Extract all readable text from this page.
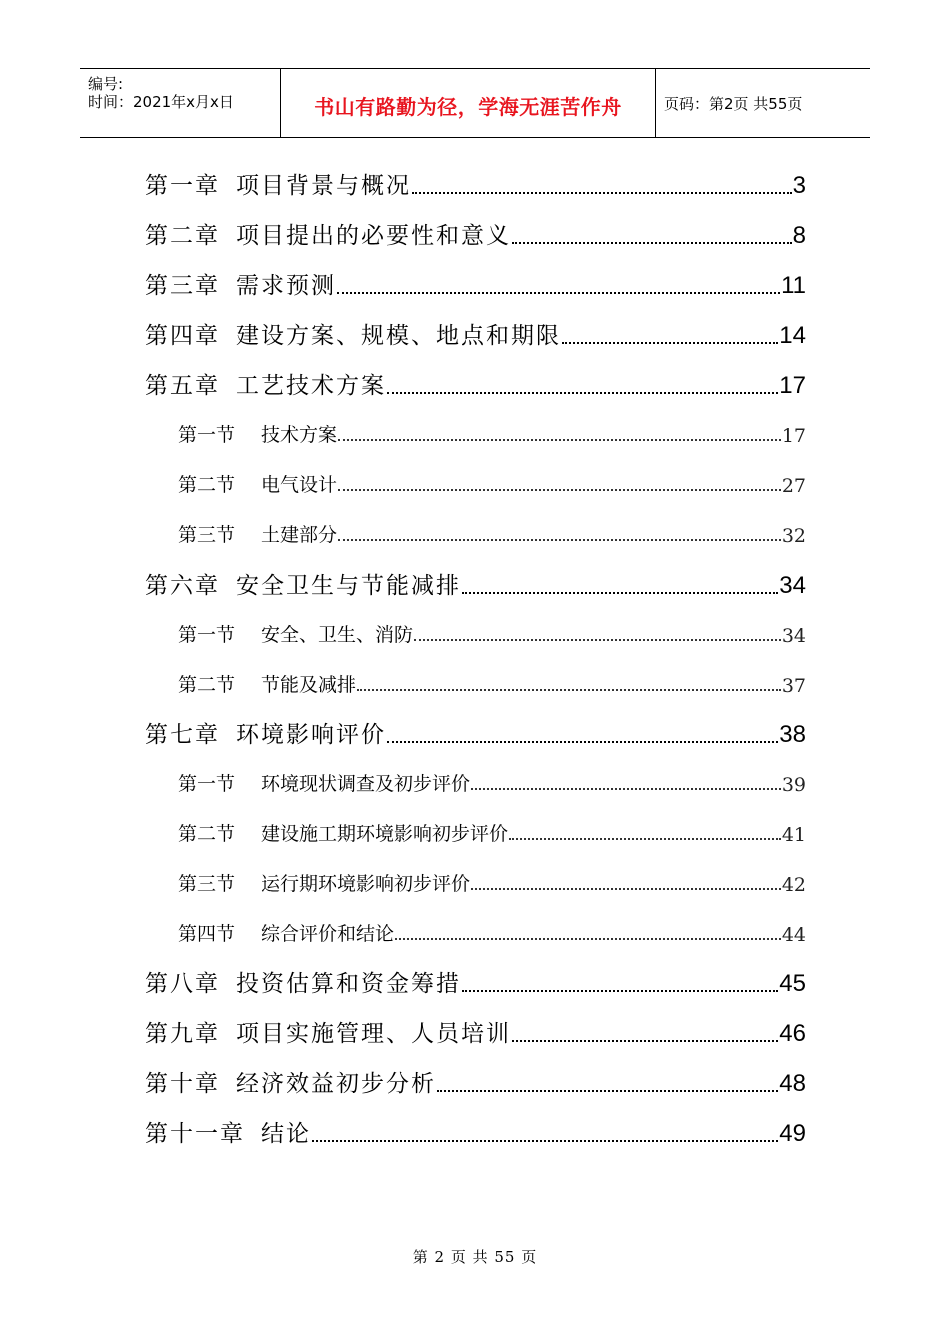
编号:
时间：2021年x月x日	书山有路勤为径，学海无涯苦作舟	页码：第2页 共55页
第一章 项目背景与概况	3
第二章 项目提出的必要性和意义	8
第三章 需求预测	11
第四章 建设方案、规模、地点和期限	14
第五章 工艺技术方案	17
第一节 技术方案	17
第二节 电气设计	27
第三节 土建部分	32
第六章 安全卫生与节能减排	34
第一节 安全、卫生、消防	34
第二节 节能及减排	37
第七章 环境影响评价	38
第一节 环境现状调查及初步评价	39
第二节 建设施工期环境影响初步评价	41
第三节 运行期环境影响初步评价	42
第四节 综合评价和结论	44
第八章 投资估算和资金筹措	45
第九章 项目实施管理、人员培训	46
第十章 经济效益初步分析	48
第十一章 结论	49
第 2 页 共 55 页
